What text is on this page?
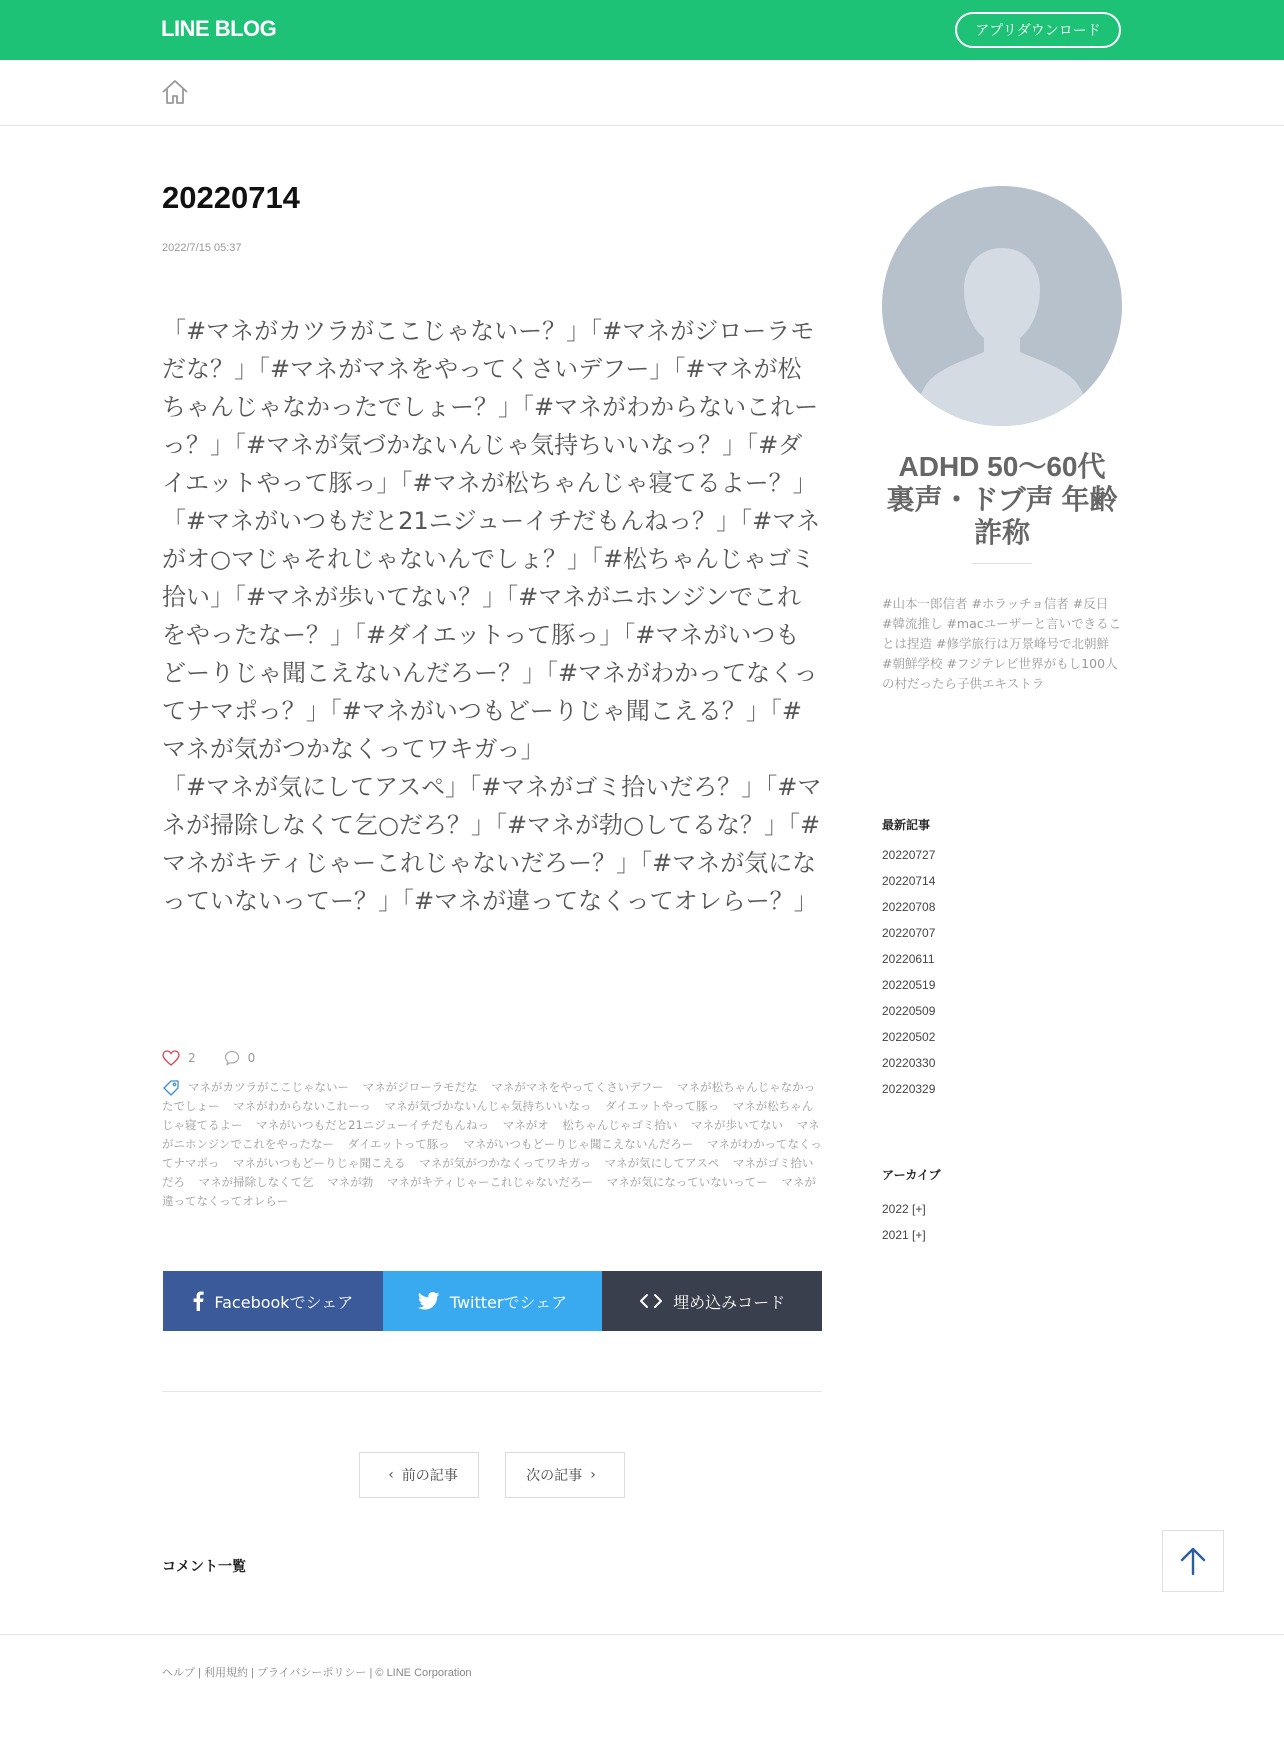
LINE BLOG	アプリダウンロード
20220714
2022/7/15 05:37

「#マネがカツラがここじゃないー？」「#マネがジローラモだな？」「#マネがマネをやってくさいデフー」「#マネが松ちゃんじゃなかったでしょー？」「#マネがわからないこれーっ？」「#マネが気づかないんじゃ気持ちいいなっ？」「#ダイエットやって豚っ」「#マネが松ちゃんじゃ寝てるよー？」「#マネがいつもだと21ニジューイチだもんねっ？」「#マネがオ○マじゃそれじゃないんでしょ？」「#松ちゃんじゃゴミ拾い」「#マネが歩いてない？」「#マネがニホンジンでこれをやったなー？」「#ダイエットって豚っ」「#マネがいつもどーりじゃ聞こえないんだろー？」「#マネがわかってなくってナマポっ？」「#マネがいつもどーりじゃ聞こえる？」「#マネが気がつかなくってワキガっ」

「#マネが気にしてアスペ」「#マネがゴミ拾いだろ？」「#マネが掃除しなくて乞○だろ？」「#マネが勃○してるな？」「#マネがキティじゃーこれじゃないだろー？」「#マネが気になっていないってー？」「#マネが違ってなくってオレらー？」

2	0
マネがカツラがここじゃないー マネがジローラモだな マネがマネをやってくさいデフー マネが松ちゃんじゃなかったでしょー マネがわからないこれーっ マネが気づかないんじゃ気持ちいいなっ ダイエットやって豚っ マネが松ちゃんじゃ寝てるよー マネがいつもだと21ニジューイチだもんねっ マネがオ 松ちゃんじゃゴミ拾い マネが歩いてない マネがニホンジンでこれをやったなー ダイエットって豚っ マネがいつもどーりじゃ聞こえないんだろー マネがわかってなくってナマポっ マネがいつもどーりじゃ聞こえる マネが気がつかなくってワキガっ マネが気にしてアスペ マネがゴミ拾いだろ マネが掃除しなくて乞 マネが勃 マネがキティじゃーこれじゃないだろー マネが気になっていないってー マネが違ってなくってオレらー
Facebookでシェア	Twitterでシェア	埋め込みコード
‹ 前の記事	次の記事 ›
コメント一覧
ヘルプ | 利用規約 | プライバシーポリシー | © LINE Corporation
ADHD 50～60代 裏声・ドブ声 年齢詐称
#山本一郎信者 #ホラッチョ信者 #反日 #韓流推し #macユーザーと言いできることは捏造 #修学旅行は万景峰号で北朝鮮 #朝鮮学校 #フジテレビ世界がもし100人の村だったら子供エキストラ
最新記事
20220727
20220714
20220708
20220707
20220611
20220519
20220509
20220502
20220330
20220329
アーカイブ
2022 [+]
2021 [+]
